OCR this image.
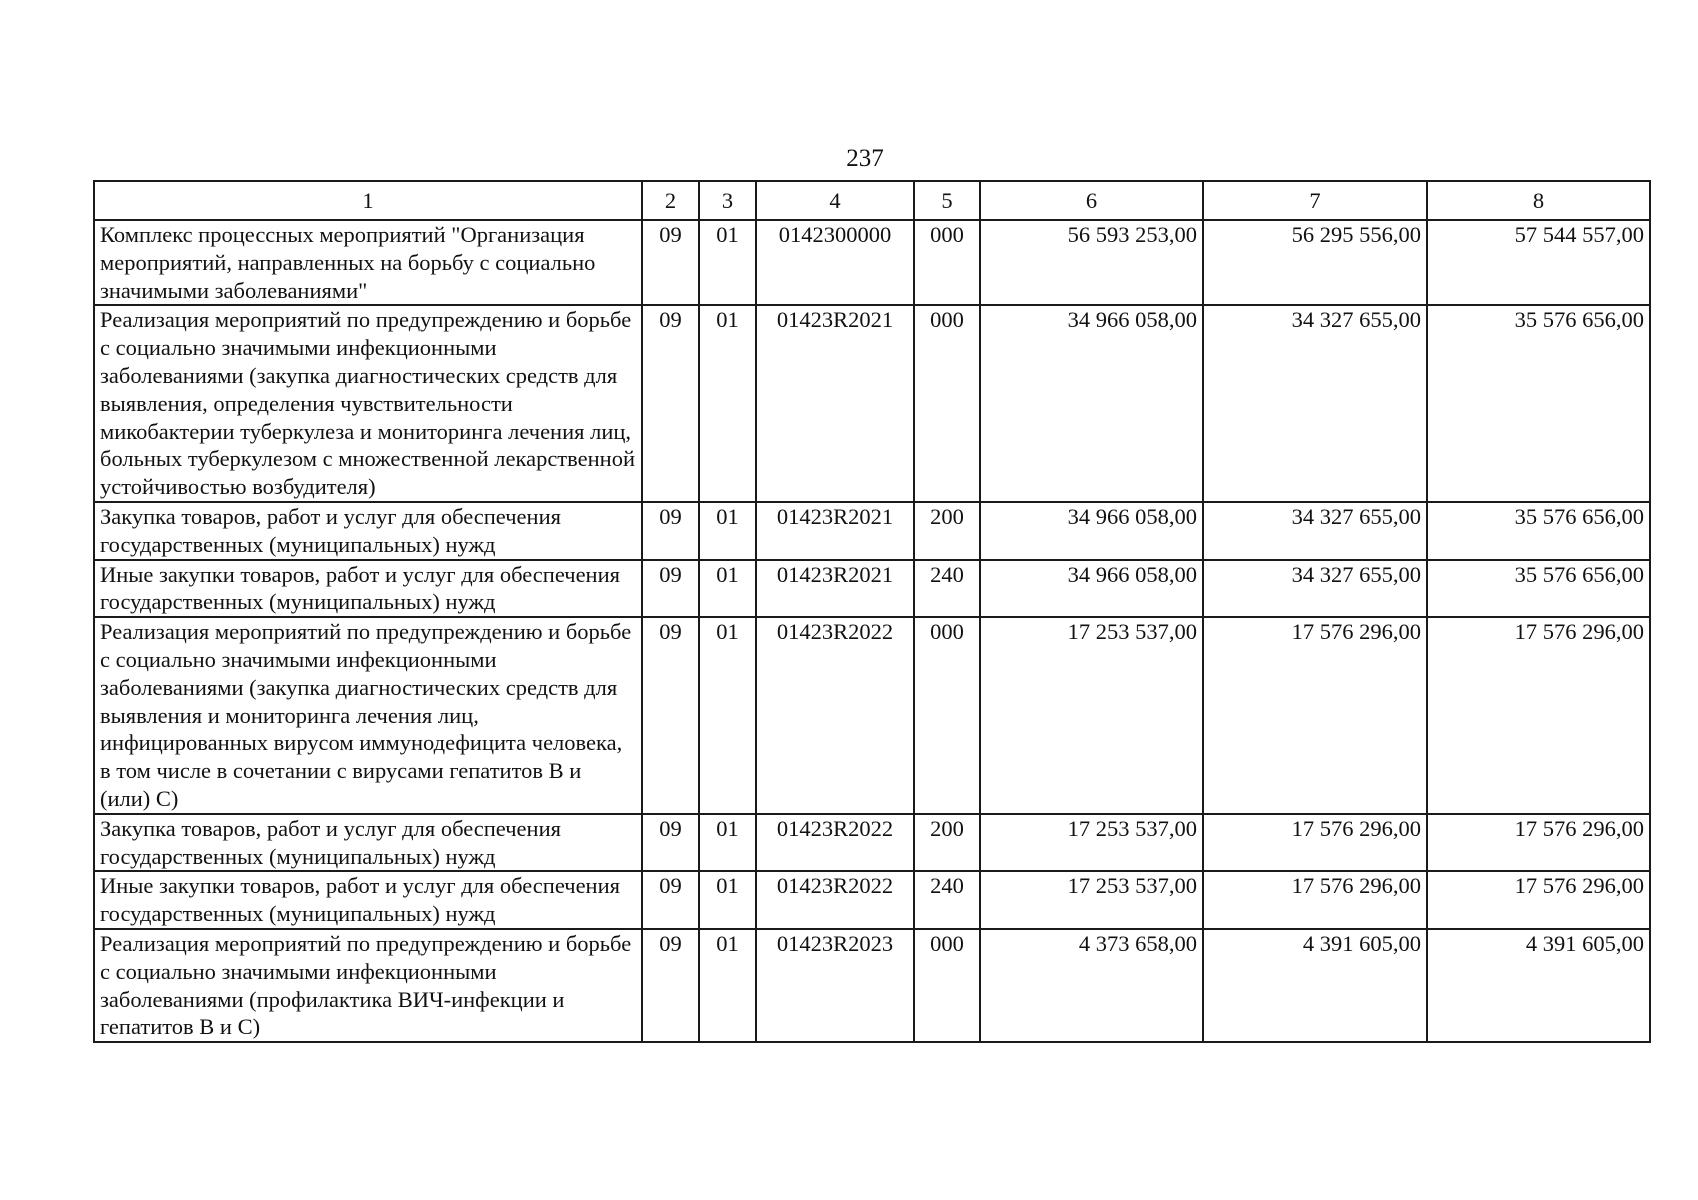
237
1	2	3	4	5	6	7	8
Комплекс процессных мероприятий "Организация мероприятий, направленных на борьбу с социально значимыми заболеваниями"	09	01	0142300000	000	56 593 253,00	56 295 556,00	57 544 557,00
Реализация мероприятий по предупреждению и борьбе с социально значимыми инфекционными заболеваниями (закупка диагностических средств для выявления, определения чувствительности микобактерии туберкулеза и мониторинга лечения лиц, больных туберкулезом с множественной лекарственной устойчивостью возбудителя)	09	01	01423R2021	000	34 966 058,00	34 327 655,00	35 576 656,00
Закупка товаров, работ и услуг для обеспечения государственных (муниципальных) нужд	09	01	01423R2021	200	34 966 058,00	34 327 655,00	35 576 656,00
Иные закупки товаров, работ и услуг для обеспечения государственных (муниципальных) нужд	09	01	01423R2021	240	34 966 058,00	34 327 655,00	35 576 656,00
Реализация мероприятий по предупреждению и борьбе с социально значимыми инфекционными заболеваниями (закупка диагностических средств для выявления и мониторинга лечения лиц, инфицированных вирусом иммунодефицита человека, в том числе в сочетании с вирусами гепатитов B и (или) C)	09	01	01423R2022	000	17 253 537,00	17 576 296,00	17 576 296,00
Закупка товаров, работ и услуг для обеспечения государственных (муниципальных) нужд	09	01	01423R2022	200	17 253 537,00	17 576 296,00	17 576 296,00
Иные закупки товаров, работ и услуг для обеспечения государственных (муниципальных) нужд	09	01	01423R2022	240	17 253 537,00	17 576 296,00	17 576 296,00
Реализация мероприятий по предупреждению и борьбе с социально значимыми инфекционными заболеваниями (профилактика ВИЧ-инфекции и гепатитов B и C)	09	01	01423R2023	000	4 373 658,00	4 391 605,00	4 391 605,00
